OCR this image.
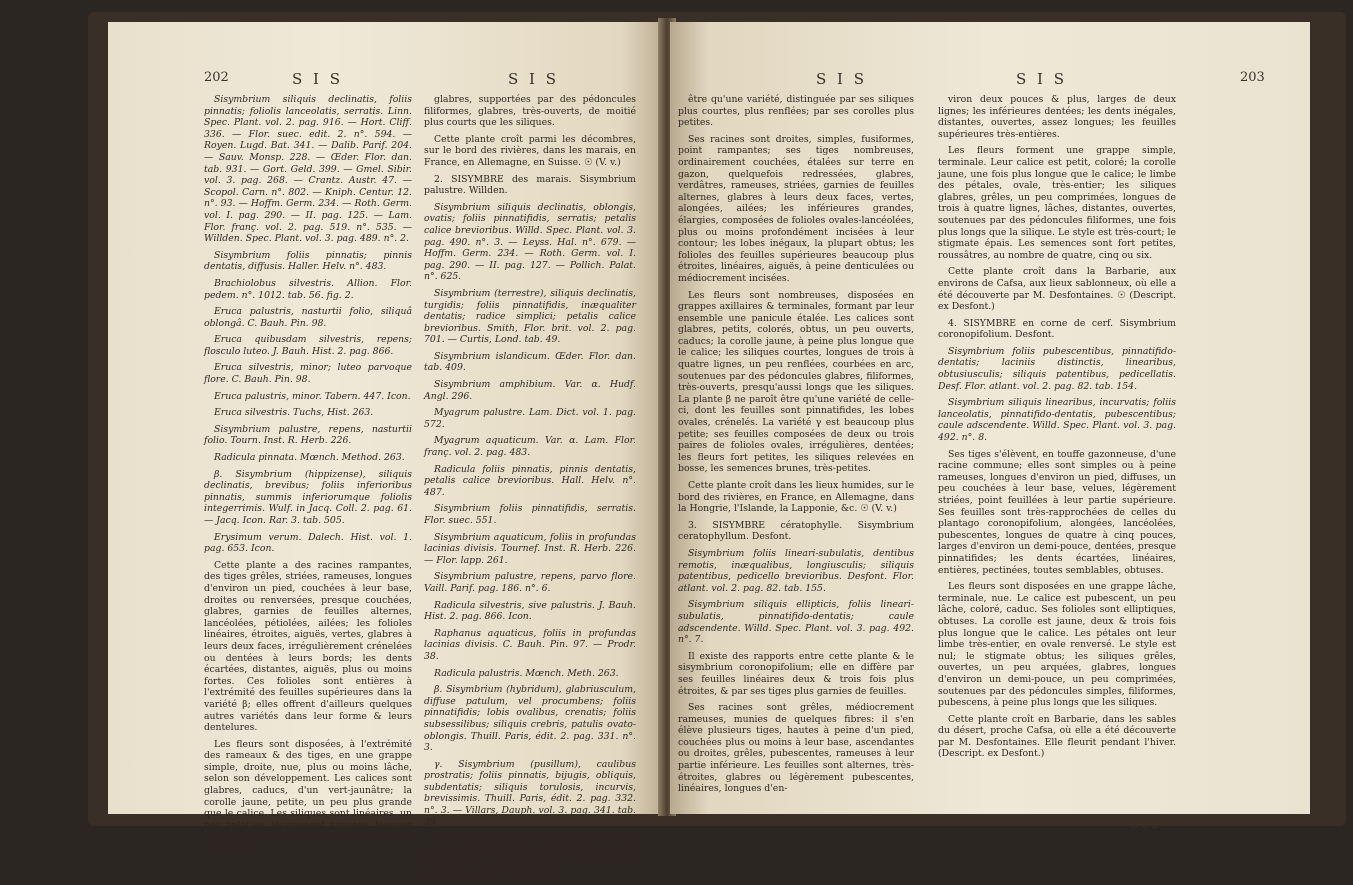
202	S I S	S I S

Sisymbrium siliquis declinatis, foliis pinnatis; foliolis lanceolatis, serratis. Linn. Spec. Plant. vol. 2. pag. 916. — Hort. Cliff. 336. — Flor. suec. edit. 2. n°. 594. — Royen. Lugd. Bat. 341. — Dalib. Parif. 204. — Sauv. Monsp. 228. — Œder. Flor. dan. tab. 931. — Gort. Geld. 399. — Gmel. Sibir. vol. 3. pag. 268. — Crantz. Austr. 47. — Scopol. Carn. n°. 802. — Kniph. Centur. 12. n°. 93. — Hoffm. Germ. 234. — Roth. Germ. vol. I. pag. 290. — II. pag. 125. — Lam. Flor. franç. vol. 2. pag. 519. n°. 535. — Willden. Spec. Plant. vol. 3. pag. 489. n°. 2.

Sisymbrium foliis pinnatis; pinnis dentatis, diffusis. Haller. Helv. n°. 483.

Brachiolobus silvestris. Allion. Flor. pedem. n°. 1012. tab. 56. fig. 2.

Eruca palustris, nasturtii folio, siliquâ oblongâ. C. Bauh. Pin. 98.

Eruca quibusdam silvestris, repens; flosculo luteo. J. Bauh. Hist. 2. pag. 866.

Eruca silvestris, minor; luteo parvoque flore. C. Bauh. Pin. 98.

Eruca palustris, minor. Tabern. 447. Icon.

Eruca silvestris. Tuchs, Hist. 263.

Sisymbrium palustre, repens, nasturtii folio. Tourn. Inst. R. Herb. 226.

Radicula pinnata. Mœnch. Method. 263.

β. Sisymbrium (hippizense), siliquis declinatis, brevibus; foliis inferioribus pinnatis, summis inferiorumque foliolis integerrimis. Wulf. in Jacq. Coll. 2. pag. 61. — Jacq. Icon. Rar. 3. tab. 505.

Erysimum verum. Dalech. Hist. vol. 1. pag. 653. Icon.

Cette plante a des racines rampantes, des tiges grêles, striées, rameuses, longues d'environ un pied, couchées à leur base, droites ou renversées, presque couchées, glabres, garnies de feuilles alternes, lancéolées, pétiolées, ailées; les folioles linéaires, étroites, aiguës, vertes, glabres à leurs deux faces, irrégulièrement crénelées ou dentées à leurs bords; les dents écartées, distantes, aiguës, plus ou moins fortes. Ces folioles sont entières à l'extrémité des feuilles supérieures dans la variété β; elles offrent d'ailleurs quelques autres variétés dans leur forme & leurs dentelures.

Les fleurs sont disposées, à l'extrémité des rameaux & des tiges, en une grappe simple, droite, nue, plus ou moins lâche, selon son développement. Les calices sont glabres, caducs, d'un vert-jaunâtre; la corolle jaune, petite, un peu plus grande que le calice. Les siliques sont linéaires, un peu aplaties, légèrement arquées, longues d'environ six lignes & plus, larges d'une ligne, très-

glabres, supportées par des pédoncules filiformes, glabres, très-ouverts, de moitié plus courts que les siliques.

Cette plante croît parmi les décombres, sur le bord des rivières, dans les marais, en France, en Allemagne, en Suisse. ☉ (V. v.)

2. SISYMBRE des marais. Sisymbrium palustre. Willden.

Sisymbrium siliquis declinatis, oblongis, ovatis; foliis pinnatifidis, serratis; petalis calice brevioribus. Willd. Spec. Plant. vol. 3. pag. 490. n°. 3. — Leyss. Hal. n°. 679. — Hoffm. Germ. 234. — Roth. Germ. vol. I. pag. 290. — II. pag. 127. — Pollich. Palat. n°. 625.

Sisymbrium (terrestre), siliquis declinatis, turgidis; foliis pinnatifidis, inæqualiter dentatis; radice simplici; petalis calice brevioribus. Smith, Flor. brit. vol. 2. pag. 701. — Curtis, Lond. tab. 49.

Sisymbrium islandicum. Œder. Flor. dan. tab. 409.

Sisymbrium amphibium. Var. α. Hudf. Angl. 296.

Myagrum palustre. Lam. Dict. vol. 1. pag. 572.

Myagrum aquaticum. Var. α. Lam. Flor. franç. vol. 2. pag. 483.

Radicula foliis pinnatis, pinnis dentatis, petalis calice brevioribus. Hall. Helv. n°. 487.

Sisymbrium foliis pinnatifidis, serratis. Flor. suec. 551.

Sisymbrium aquaticum, foliis in profundas lacinias divisis. Tournef. Inst. R. Herb. 226. — Flor. lapp. 261.

Sisymbrium palustre, repens, parvo flore. Vaill. Parif. pag. 186. n°. 6.

Radicula silvestris, sive palustris. J. Bauh. Hist. 2. pag. 866. Icon.

Raphanus aquaticus, foliis in profundas lacinias divisis. C. Bauh. Pin. 97. — Prodr. 38.

Radicula palustris. Mœnch. Meth. 263.

β. Sisymbrium (hybridum), glabriusculum, diffuse patulum, vel procumbens; foliis pinnatifidis; lobis ovalibus, crenatis; foliis subsessilibus; siliquis crebris, patulis ovato-oblongis. Thuill. Paris, édit. 2. pag. 331. n°. 3.

γ. Sisymbrium (pusillum), caulibus prostratis; foliis pinnatis, bijugis, obliquis, subdentatis; siliquis torulosis, incurvis, brevissimis. Thuill. Paris, édit. 2. pag. 332. n°. 3. — Villars, Dauph. vol. 3. pag. 341. tab. 39.

Il y a beaucoup de rapports entre cette espèce & le sisymbrium silvestre, avec lequel elle paroît avoir été d'abord confondue, & qui n'en est peut-

S I S	S I S	203

être qu'une variété, distinguée par ses siliques plus courtes, plus renflées; par ses corolles plus petites.

Ses racines sont droites, simples, fusiformes, point rampantes; ses tiges nombreuses, ordinairement couchées, étalées sur terre en gazon, quelquefois redressées, glabres, verdâtres, rameuses, striées, garnies de feuilles alternes, glabres à leurs deux faces, vertes, alongées, ailées; les inférieures grandes, élargies, composées de folioles ovales-lancéolées, plus ou moins profondément incisées à leur contour; les lobes inégaux, la plupart obtus; les folioles des feuilles supérieures beaucoup plus étroites, linéaires, aiguës, à peine denticulées ou médiocrement incisées.

Les fleurs sont nombreuses, disposées en grappes axillaires & terminales, formant par leur ensemble une panicule étalée. Les calices sont glabres, petits, colorés, obtus, un peu ouverts, caducs; la corolle jaune, à peine plus longue que le calice; les siliques courtes, longues de trois à quatre lignes, un peu renflées, courbées en arc, soutenues par des pédoncules glabres, filiformes, très-ouverts, presqu'aussi longs que les siliques. La plante β ne paroît être qu'une variété de celle-ci, dont les feuilles sont pinnatifides, les lobes ovales, crénelés. La variété γ est beaucoup plus petite; ses feuilles composées de deux ou trois paires de folioles ovales, irrégulières, dentées; les fleurs fort petites, les siliques relevées en bosse, les semences brunes, très-petites.

Cette plante croît dans les lieux humides, sur le bord des rivières, en France, en Allemagne, dans la Hongrie, l'Islande, la Lapponie, &c. ☉ (V. v.)

3. SISYMBRE cératophylle. Sisymbrium ceratophyllum. Desfont.

Sisymbrium foliis lineari-subulatis, dentibus remotis, inæqualibus, longiusculis; siliquis patentibus, pedicello brevioribus. Desfont. Flor. atlant. vol. 2. pag. 82. tab. 155.

Sisymbrium siliquis ellipticis, foliis lineari-subulatis, pinnatifido-dentatis; caule adscendente. Willd. Spec. Plant. vol. 3. pag. 492. n°. 7.

Il existe des rapports entre cette plante & le sisymbrium coronopifolium; elle en diffère par ses feuilles linéaires deux & trois fois plus étroites, & par ses tiges plus garnies de feuilles.

Ses racines sont grêles, médiocrement rameuses, munies de quelques fibres: il s'en élève plusieurs tiges, hautes à peine d'un pied, couchées plus ou moins à leur base, ascendantes ou droites, grêles, pubescentes, rameuses à leur partie inférieure. Les feuilles sont alternes, très-étroites, glabres ou légèrement pubescentes, linéaires, longues d'en-

viron deux pouces & plus, larges de deux lignes; les inférieures dentées; les dents inégales, distantes, ouvertes, assez longues; les feuilles supérieures très-entières.

Les fleurs forment une grappe simple, terminale. Leur calice est petit, coloré; la corolle jaune, une fois plus longue que le calice; le limbe des pétales, ovale, très-entier; les siliques glabres, grêles, un peu comprimées, longues de trois à quatre lignes, lâches, distantes, ouvertes, soutenues par des pédoncules filiformes, une fois plus longs que la silique. Le style est très-court; le stigmate épais. Les semences sont fort petites, roussâtres, au nombre de quatre, cinq ou six.

Cette plante croît dans la Barbarie, aux environs de Cafsa, aux lieux sablonneux, où elle a été découverte par M. Desfontaines. ☉ (Descript. ex Desfont.)

4. SISYMBRE en corne de cerf. Sisymbrium coronopifolium. Desfont.

Sisymbrium foliis pubescentibus, pinnatifido-dentatis; laciniis distinctis, linearibus, obtusiusculis; siliquis patentibus, pedicellatis. Desf. Flor. atlant. vol. 2. pag. 82. tab. 154.

Sisymbrium siliquis linearibus, incurvatis; foliis lanceolatis, pinnatifido-dentatis, pubescentibus; caule adscendente. Willd. Spec. Plant. vol. 3. pag. 492. n°. 8.

Ses tiges s'élèvent, en touffe gazonneuse, d'une racine commune; elles sont simples ou à peine rameuses, longues d'environ un pied, diffuses, un peu couchées à leur base, velues, légèrement striées, point feuillées à leur partie supérieure. Ses feuilles sont très-rapprochées de celles du plantago coronopifolium, alongées, lancéolées, pubescentes, longues de quatre à cinq pouces, larges d'environ un demi-pouce, dentées, presque pinnatifides; les dents écartées, linéaires, entières, pectinées, toutes semblables, obtuses.

Les fleurs sont disposées en une grappe lâche, terminale, nue. Le calice est pubescent, un peu lâche, coloré, caduc. Ses folioles sont elliptiques, obtuses. La corolle est jaune, deux & trois fois plus longue que le calice. Les pétales ont leur limbe très-entier, en ovale renversé. Le style est nul; le stigmate obtus; les siliques grêles, ouvertes, un peu arquées, glabres, longues d'environ un demi-pouce, un peu comprimées, soutenues par des pédoncules simples, filiformes, pubescens, à peine plus longs que les siliques.

Cette plante croît en Barbarie, dans les sables du désert, proche Cafsa, où elle a été découverte par M. Desfontaines. Elle fleurit pendant l'hiver. (Descript. ex Desfont.)

C c 2
